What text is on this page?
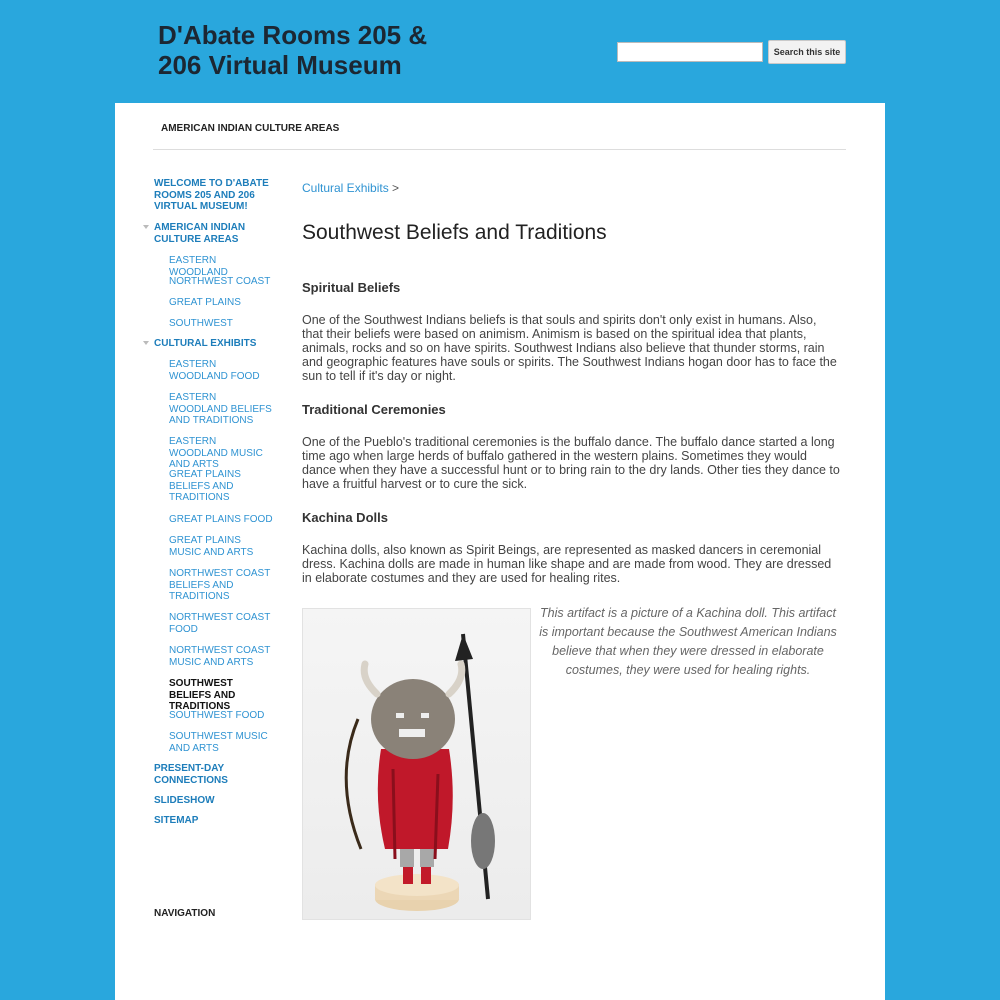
D'Abate Rooms 205 & 206 Virtual Museum	Search this site
AMERICAN INDIAN CULTURE AREAS
WELCOME TO D'ABATE ROOMS 205 AND 206 VIRTUAL MUSEUM!
AMERICAN INDIAN CULTURE AREAS
EASTERN WOODLAND
NORTHWEST COAST
GREAT PLAINS
SOUTHWEST
CULTURAL EXHIBITS
EASTERN WOODLAND FOOD
EASTERN WOODLAND BELIEFS AND TRADITIONS
EASTERN WOODLAND MUSIC AND ARTS
GREAT PLAINS BELIEFS AND TRADITIONS
GREAT PLAINS FOOD
GREAT PLAINS MUSIC AND ARTS
NORTHWEST COAST BELIEFS AND TRADITIONS
NORTHWEST COAST FOOD
NORTHWEST COAST MUSIC AND ARTS
SOUTHWEST BELIEFS AND TRADITIONS
SOUTHWEST FOOD
SOUTHWEST MUSIC AND ARTS
PRESENT-DAY CONNECTIONS
SLIDESHOW
SITEMAP
NAVIGATION
Cultural Exhibits >
Southwest Beliefs and Traditions
Spiritual Beliefs

One of the Southwest Indians beliefs is that souls and spirits don't only exist in humans. Also, that their beliefs were based on animism. Animism is based on the spiritual idea that plants, animals, rocks and so on have spirits. Southwest Indians also believe that thunder storms, rain and geographic features have souls or spirits. The Southwest Indians hogan door has to face the sun to tell if it's day or night.

Traditional Ceremonies

One of the Pueblo's traditional ceremonies is the buffalo dance. The buffalo dance started a long time ago when large herds of buffalo gathered in the western plains. Sometimes they would dance when they have a successful hunt or to bring rain to the dry lands. Other ties they dance to have a fruitful harvest or to cure the sick.

Kachina Dolls

Kachina dolls, also known as Spirit Beings, are represented as masked dancers in ceremonial dress. Kachina dolls are made in human like shape and are made from wood. They are dressed in elaborate costumes and they are used for healing rites.

This artifact is a picture of a Kachina doll. This artifact is important because the Southwest American Indians believe that when they were dressed in elaborate costumes, they were used for healing rights.
